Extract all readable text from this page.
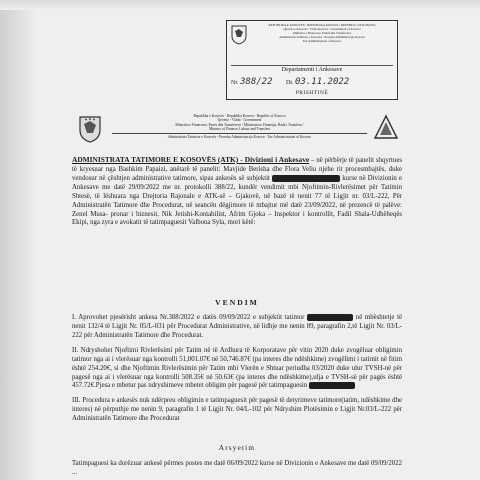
REPUBLIKA E KOSOVËS • REPUBLIKA KOSOVA • REPUBLIC OF KOSOVO
Qeveria e Kosovës / Vlada Kosova / Government of Kosovo
Ministria e Financave, Punës dhe Transfereve
Administrata Tatimore e Kosovës / Poreska Administracija Kosova
Tax Administration of Kosovo
Departamenti i Ankesave
Nr. 388/22 Dt. 03.11.2022
PRISHTINË
Republika e Kosovës - Republika Kosova - Republic of Kosovo
Qeveria - Vlada - Government
Ministria e Financave, Punës dhe Transfereve / Ministarstvo Finansija, Rada i Transfera /
Ministry of Finance, Labour and Transfers
Administrata Tatimore e Kosovës - Poreska Administracija Kosova - Tax Administration of Kosovo
ADMINISTRATA TATIMORE E KOSOVËS (ATK) - Divizioni i Ankesave – në përbërje të panelit shqyrtues të kryesuar nga Bashkim Papaizi, anëtarë të panelit: Mavjide Berisha dhe Flora Veliu njehe rit procesmbajtës, duke vendosur në çështjen administrative tatimore, sipas ankesës së subjektit	kurse në Divizionin e Ankesave me datë 29/09/2022 me nr. protokolli 388/22, kundër vendimit mbi Njoftimin-Rivlerësimet për Tatimin Shtesë, të lëshuara nga Drejtoria Rajonale e ATK-së – Gjakovë, në bazë të nenit 77 të Ligjit nr. 03/L-222, Për Administratën Tatimore dhe Procedurat, në seancën dëgjimore të mbajtur më datë 23/09/2022, në prezencë të palëve: Zenel Musa- pronar i biznesit, Nik Jetishi-Kontabilist, Afrim Gjoka – Inspektor i kontrollit, Fadil Shala-Udhëheqës Ekipi, nga zyra e avokatit të tatimpaguesit Valbona Syla, mori këtë:
VENDIM
I. Aprovohet pjesërisht ankesa Nr.388/2022 e datës 09/09/2022 e subjektit tatimor	në mbështetje të nenit 132/4 të Ligjit Nr. 05/L-031 për Procedurat Administrative, në lidhje me nenin 89, paragrafin 2,të Ligjit Nr. 03/L-222 për Administratën Tatimore dhe Procedurat.
II. Ndryshohet Njoftimi Rivlerësimi për Tatim në të Ardhura të Korporatave për vitin 2020 duke zvogëluar obligimin tatimor nga ai i vlerësuar nga kontrolli 51,001.07€ në 50,746.87€ (pa interes dhe ndëshkime) zvogëlimi i tatimit në fitim është 254.20€, si dhe Njoftimin Rivlerësimin për Tatim mbi Vlerën e Shtuar periudha 03/2020 duke ulur TVSH-në për pagesë nga ai i vlerësuar nga kontrolli 508.35€ në 50.63€ (pa interes dhe ndëshkime),ulja e TVSH-së për pagës është 457.72€.Pjesa e mbetur pas ndryshimeve mbetet obligim për pagesë për tatimpaguesin
III. Procedura e ankesës nuk ndërpreu obligimin e tatimpaguesit për pagesë të detyrimeve tatimore(tatim, ndëshkime dhe interes) në përputhje me nenin 9, paragrafin 1 të Ligjit Nr. 04/L-102 për Ndryshim Plotësimin e Ligjit Nr.03/L-222 për Administratën Tatimore dhe Procedurat
Arsyetim
Tatimpaguesi ka dorëzuar ankesë përmes postes me datë 06/09/2022 kurse në Divizionin e Ankesave me datë 09/09/2022 ...
